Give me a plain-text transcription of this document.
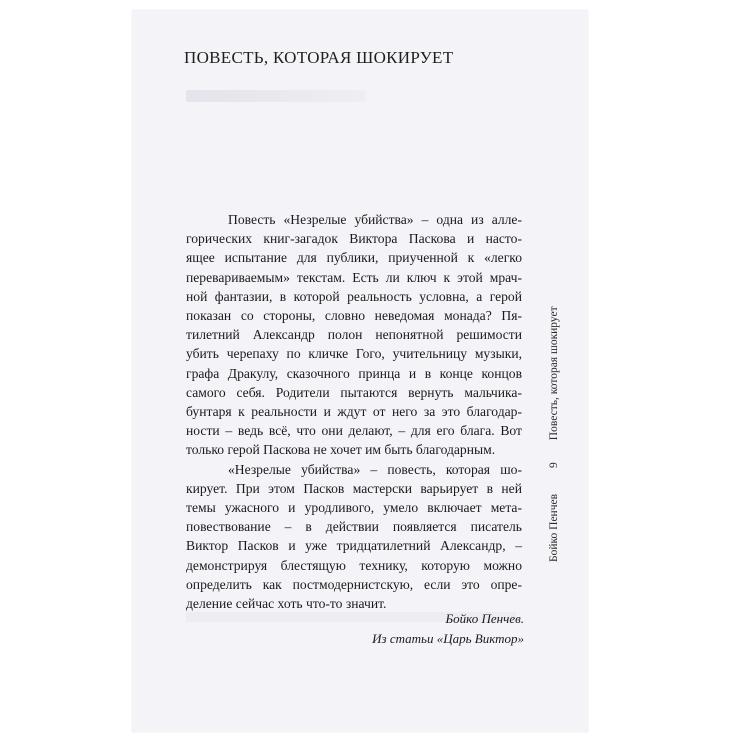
ПОВЕСТЬ, КОТОРАЯ ШОКИРУЕТ
Повесть «Незрелые убийства» – одна из алле-
горических книг-загадок Виктора Паскова и насто-
ящее испытание для публики, приученной к «легко
перевариваемым» текстам. Есть ли ключ к этой мрач-
ной фантазии, в которой реальность условна, а герой
показан со стороны, словно неведомая монада? Пя-
тилетний Александр полон непонятной решимости
убить черепаху по кличке Гого, учительницу музыки,
графа Дракулу, сказочного принца и в конце концов
самого себя. Родители пытаются вернуть мальчика-
бунтаря к реальности и ждут от него за это благодар-
ности – ведь всё, что они делают, – для его блага. Вот
только герой Паскова не хочет им быть благодарным.
«Незрелые убийства» – повесть, которая шо-
кирует. При этом Пасков мастерски варьирует в ней
темы ужасного и уродливого, умело включает мета-
повествование – в действии появляется писатель
Виктор Пасков и уже тридцатилетний Александр, –
демонстрируя блестящую технику, которую можно
определить как постмодернистскую, если это опре-
деление сейчас хоть что-то значит.
Бойко Пенчев.
Из статьи «Царь Виктор»
Бойко Пенчев
9
Повесть, которая шокирует
